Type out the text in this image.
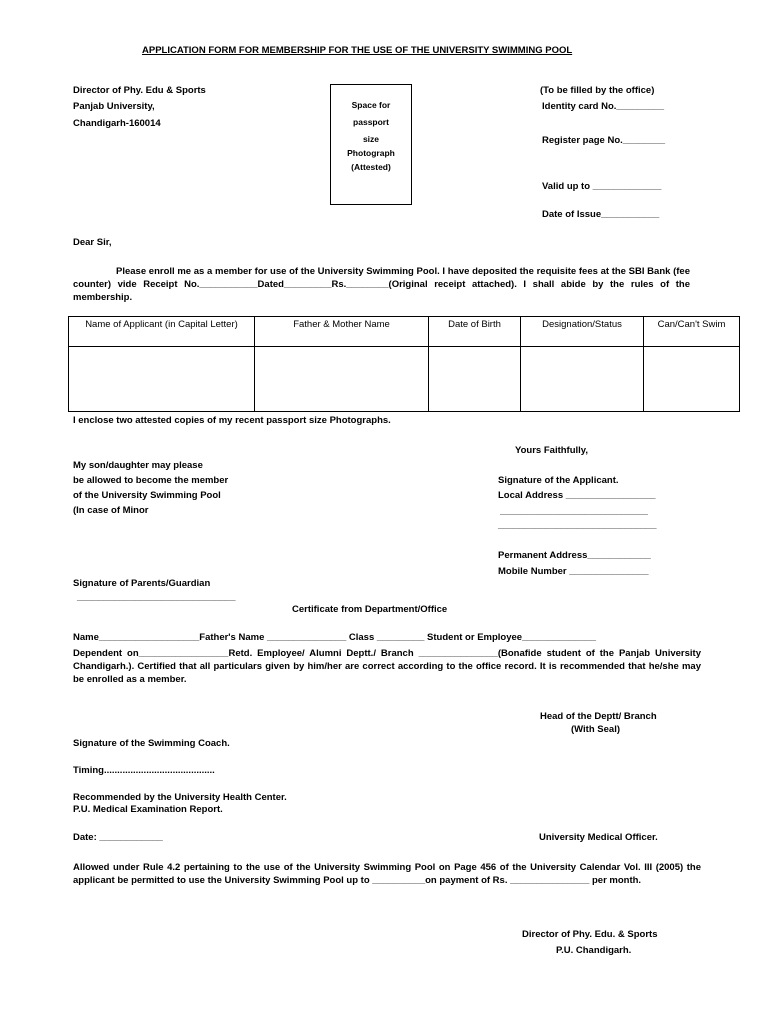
APPLICATION FORM FOR MEMBERSHIP FOR THE USE OF THE UNIVERSITY SWIMMING POOL
Director of Phy. Edu & Sports
Panjab University,
Chandigarh-160014
Space for
passport
size
Photograph
(Attested)
(To be filled by the office)
Identity card No._________
Register page No.________
Valid up to _____________
Date of Issue___________
Dear Sir,
Please enroll me as a member for use of the University Swimming Pool. I have deposited the requisite fees at the SBI Bank (fee counter) vide Receipt No.___________Dated_________Rs.________(Original receipt attached). I shall abide by the rules of the membership.
Name of Applicant (in Capital Letter)	Father & Mother Name	Date of Birth	Designation/Status	Can/Can't Swim

I enclose two attested copies of my recent passport size Photographs.
Yours Faithfully,
My son/daughter may please
be allowed to become the member
of the University Swimming Pool
(In case of Minor
Signature of the Applicant.
Local Address _________________
____________________________
______________________________
Permanent Address____________
Mobile Number _______________
Signature of Parents/Guardian
______________________________
Certificate from Department/Office
Name___________________Father's Name _______________ Class _________ Student or Employee______________
Dependent on_________________Retd. Employee/ Alumni Deptt./ Branch _______________(Bonafide student of the Panjab University Chandigarh.). Certified that all particulars given by him/her are correct according to the office record. It is recommended that he/she may be enrolled as a member.
Head of the Deptt/ Branch
(With Seal)
Signature of the Swimming Coach.
Timing..........................................
Recommended by the University Health Center.
P.U. Medical Examination Report.
Date: ____________	University Medical Officer.
Allowed under Rule 4.2 pertaining to the use of the University Swimming Pool on Page 456 of the University Calendar Vol. III (2005) the applicant be permitted to use the University Swimming Pool up to __________on payment of Rs. _______________ per month.
Director of Phy. Edu. & Sports
P.U. Chandigarh.
